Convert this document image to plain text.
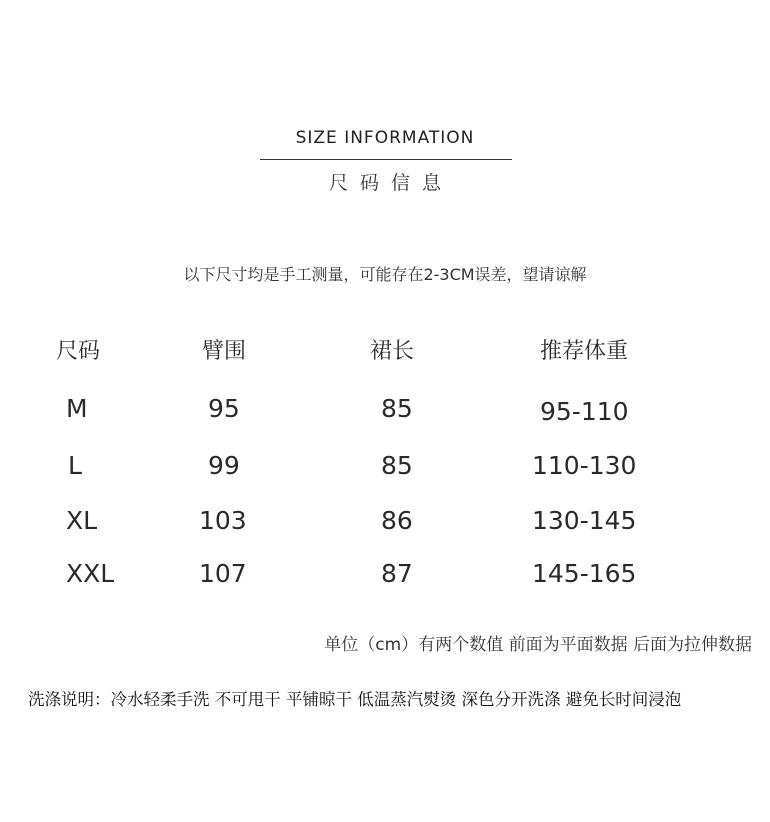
SIZE INFORMATION
尺码信息
以下尺寸均是手工测量，可能存在2-3CM误差，望请谅解
尺码	臂围	裙长	推荐体重
M	95	85	95-110
L	99	85	110-130
XL	103	86	130-145
XXL	107	87	145-165
单位（cm）有两个数值 前面为平面数据 后面为拉伸数据
洗涤说明：冷水轻柔手洗 不可甩干 平铺晾干 低温蒸汽熨烫 深色分开洗涤 避免长时间浸泡
